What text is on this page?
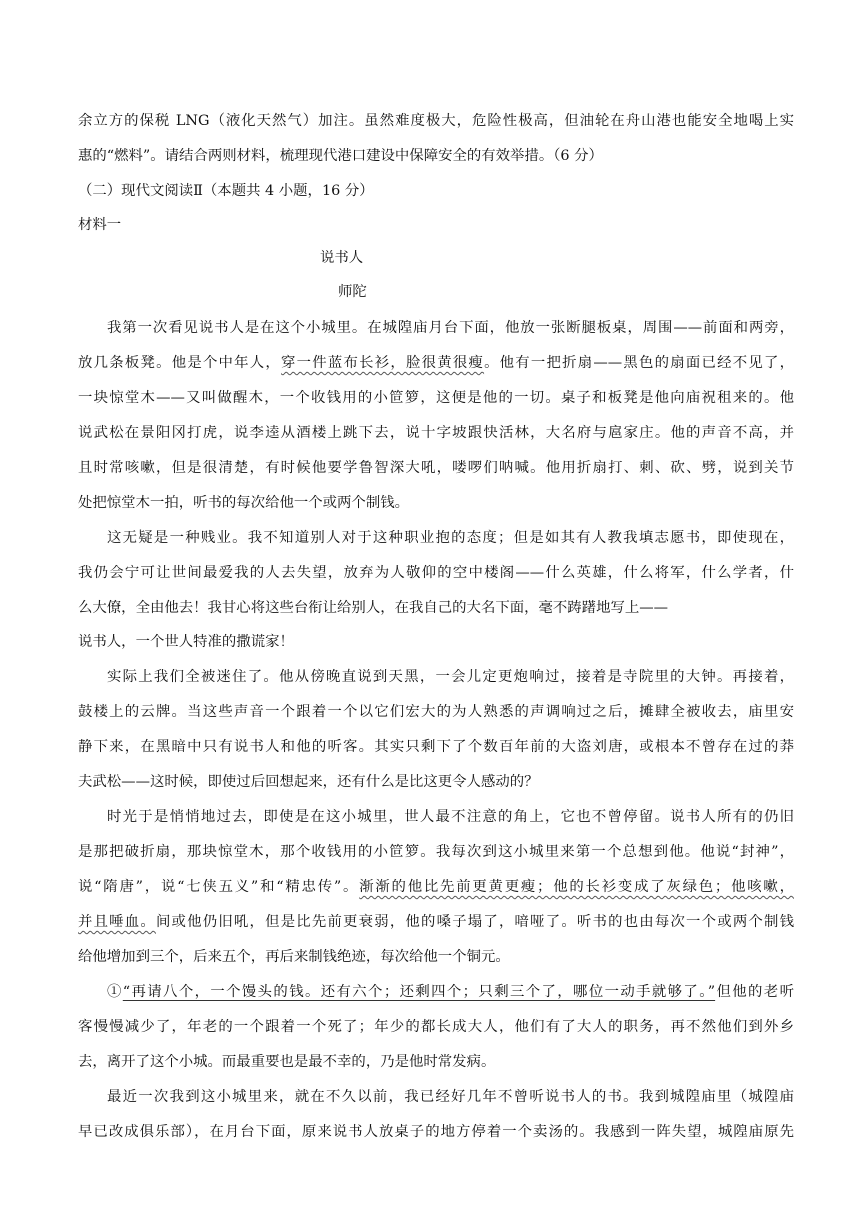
余立方的保税 LNG（液化天然气）加注。虽然难度极大，危险性极高，但油轮在舟山港也能安全地喝上实
惠的“燃料”。请结合两则材料，梳理现代港口建设中保障安全的有效举措。（6 分）
（二）现代文阅读Ⅱ（本题共 4 小题，16 分）
材料一
说书人
师陀
我第一次看见说书人是在这个小城里。在城隍庙月台下面，他放一张断腿板桌，周围——前面和两旁，
放几条板凳。他是个中年人，穿一件蓝布长衫，脸很黄很瘦。他有一把折扇——黑色的扇面已经不见了，
一块惊堂木——又叫做醒木，一个收钱用的小笸箩，这便是他的一切。桌子和板凳是他向庙祝租来的。他
说武松在景阳冈打虎，说李逵从酒楼上跳下去，说十字坡跟快活林，大名府与扈家庄。他的声音不高，并
且时常咳嗽，但是很清楚，有时候他要学鲁智深大吼，喽啰们呐喊。他用折扇打、刺、砍、劈，说到关节
处把惊堂木一拍，听书的每次给他一个或两个制钱。
这无疑是一种贱业。我不知道别人对于这种职业抱的态度；但是如其有人教我填志愿书，即使现在，
我仍会宁可让世间最爱我的人去失望，放弃为人敬仰的空中楼阁——什么英雄，什么将军，什么学者，什
么大僚，全由他去！我甘心将这些台衔让给别人，在我自己的大名下面，毫不踌躇地写上——
说书人，一个世人特准的撒谎家！
实际上我们全被迷住了。他从傍晚直说到天黑，一会儿定更炮响过，接着是寺院里的大钟。再接着，
鼓楼上的云牌。当这些声音一个跟着一个以它们宏大的为人熟悉的声调响过之后，摊肆全被收去，庙里安
静下来，在黑暗中只有说书人和他的听客。其实只剩下了个数百年前的大盗刘唐，或根本不曾存在过的莽
夫武松——这时候，即使过后回想起来，还有什么是比这更令人感动的？
时光于是悄悄地过去，即使是在这小城里，世人最不注意的角上，它也不曾停留。说书人所有的仍旧
是那把破折扇，那块惊堂木，那个收钱用的小笸箩。我每次到这小城里来第一个总想到他。他说“封神”，
说“隋唐”，说“七侠五义”和“精忠传”。渐渐的他比先前更黄更瘦；他的长衫变成了灰绿色；他咳嗽，
并且唾血。间或他仍旧吼，但是比先前更衰弱，他的嗓子塌了，喑哑了。听书的也由每次一个或两个制钱
给他增加到三个，后来五个，再后来制钱绝迹，每次给他一个铜元。
①“再请八个，一个馒头的钱。还有六个；还剩四个；只剩三个了，哪位一动手就够了。”但他的老听
客慢慢减少了，年老的一个跟着一个死了；年少的都长成大人，他们有了大人的职务，再不然他们到外乡
去，离开了这个小城。而最重要也是最不幸的，乃是他时常发病。
最近一次我到这小城里来，就在不久以前，我已经好几年不曾听说书人的书。我到城隍庙里（城隍庙
早已改成俱乐部），在月台下面，原来说书人放桌子的地方停着一个卖汤的。我感到一阵失望，城隍庙原先
